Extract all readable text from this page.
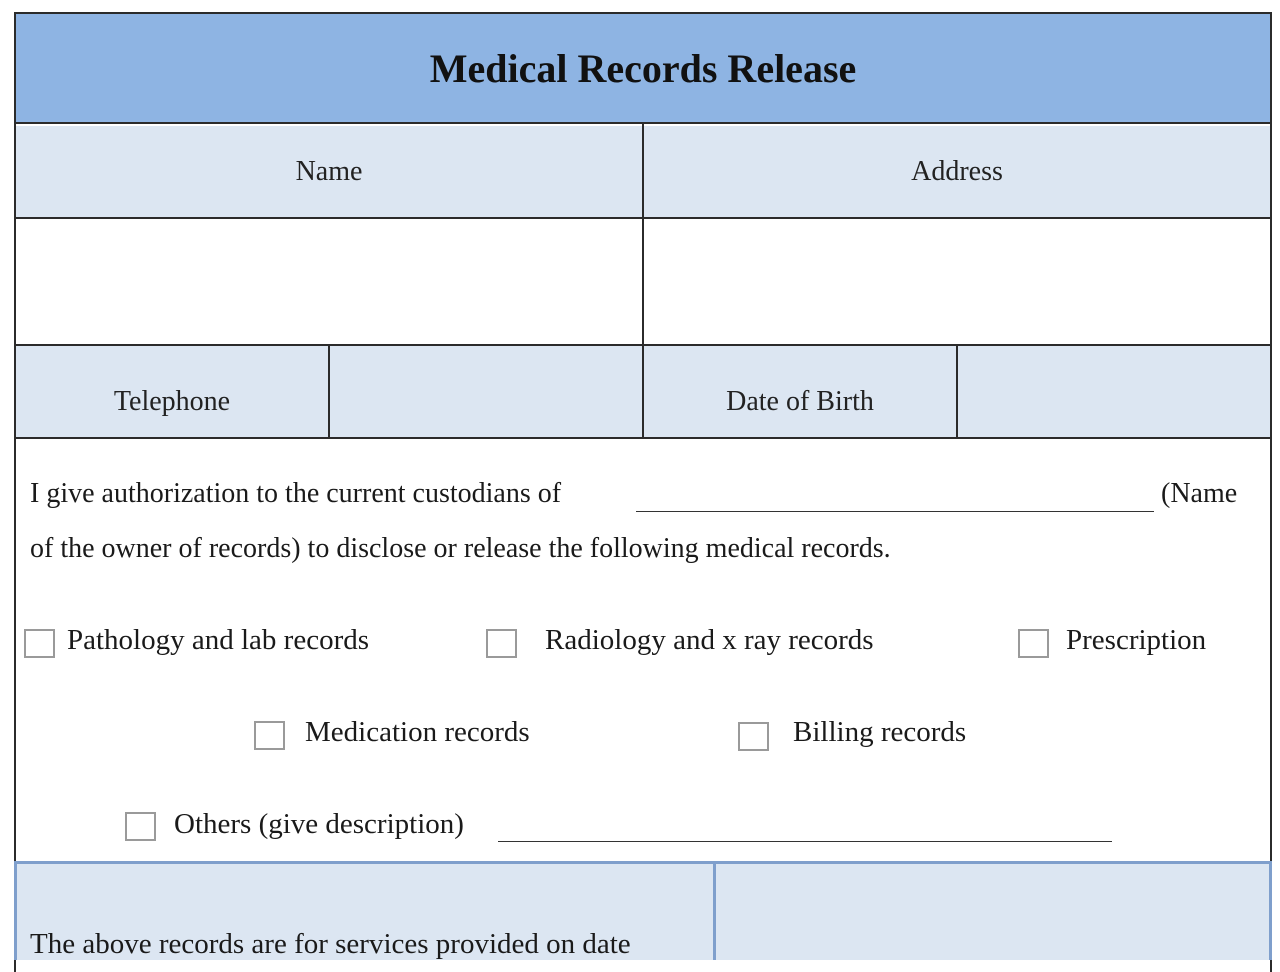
Medical Records Release
Name	Address
Telephone	Date of Birth
I give authorization to the current custodians of	(Name
of the owner of records) to disclose or release the following medical records.
Pathology and lab records	Radiology and x ray records	Prescription
Medication records	Billing records
Others (give description)
The above records are for services provided on date
